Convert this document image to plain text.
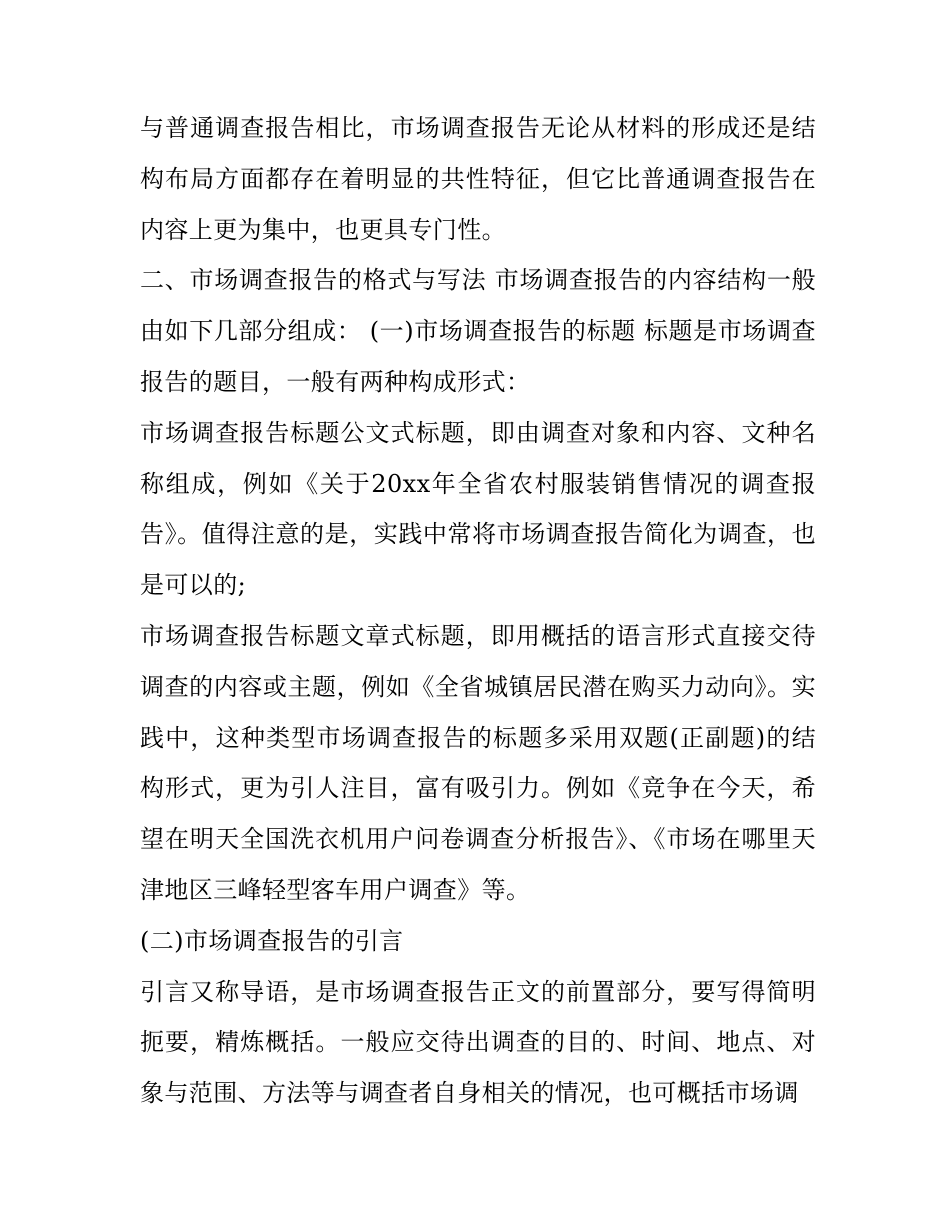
与普通调查报告相比，市场调查报告无论从材料的形成还是结构布局方面都存在着明显的共性特征，但它比普通调查报告在内容上更为集中，也更具专门性。

二、市场调查报告的格式与写法 市场调查报告的内容结构一般由如下几部分组成： (一)市场调查报告的标题 标题是市场调查报告的题目，一般有两种构成形式：

市场调查报告标题公文式标题，即由调查对象和内容、文种名称组成，例如《关于20xx年全省农村服装销售情况的调查报告》。值得注意的是，实践中常将市场调查报告简化为调查，也是可以的;

市场调查报告标题文章式标题，即用概括的语言形式直接交待调查的内容或主题，例如《全省城镇居民潜在购买力动向》。实践中，这种类型市场调查报告的标题多采用双题(正副题)的结构形式，更为引人注目，富有吸引力。例如《竞争在今天，希望在明天全国洗衣机用户问卷调查分析报告》、《市场在哪里天津地区三峰轻型客车用户调查》等。

(二)市场调查报告的引言

引言又称导语，是市场调查报告正文的前置部分，要写得简明扼要，精炼概括。一般应交待出调查的目的、时间、地点、对象与范围、方法等与调查者自身相关的情况，也可概括市场调
